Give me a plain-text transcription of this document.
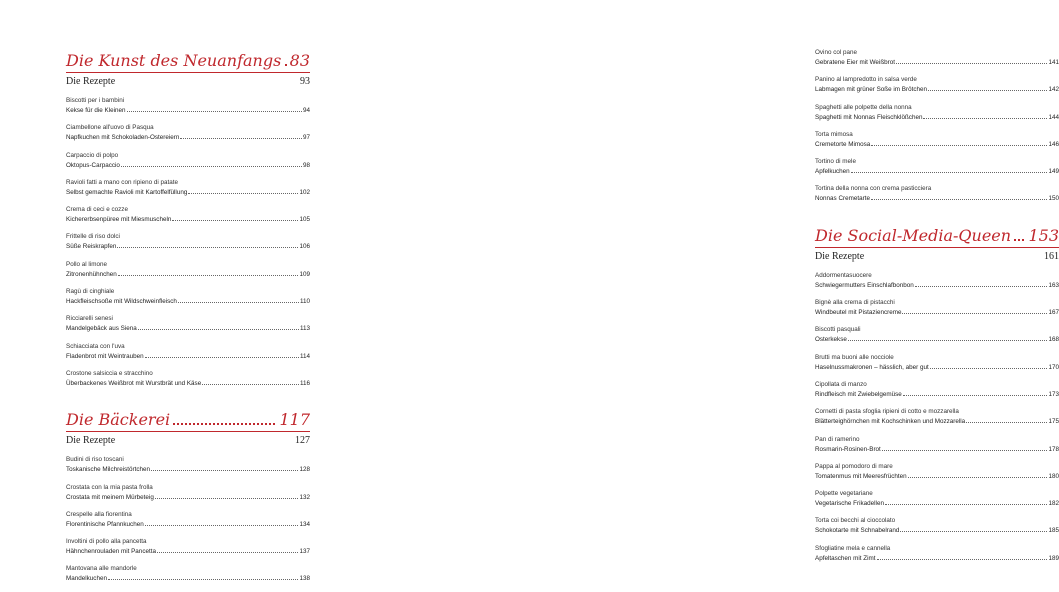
Die Kunst des Neuanfangs 83
Die Rezepte	93
Biscotti per i bambini
Kekse für die Kleinen	94
Ciambellone all'uovo di Pasqua
Napfkuchen mit Schokoladen-Ostereiern	97
Carpaccio di polpo
Oktopus-Carpaccio	98
Ravioli fatti a mano con ripieno di patate
Selbst gemachte Ravioli mit Kartoffelfüllung	102
Crema di ceci e cozze
Kichererbsenpüree mit Miesmuscheln	105
Frittelle di riso dolci
Süße Reiskrapfen	106
Pollo al limone
Zitronenhühnchen	109
Ragù di cinghiale
Hackfleischsoße mit Wildschweinfleisch	110
Ricciarelli senesi
Mandelgebäck aus Siena	113
Schiacciata con l'uva
Fladenbrot mit Weintrauben	114
Crostone salsiccia e stracchino
Überbackenes Weißbrot mit Wurstbrät und Käse	116
Die Bäckerei	117
Die Rezepte	127
Budini di riso toscani
Toskanische Milchreistörtchen	128
Crostata con la mia pasta frolla
Crostata mit meinem Mürbeteig	132
Crespelle alla fiorentina
Florentinische Pfannkuchen	134
Involtini di pollo alla pancetta
Hähnchenrouladen mit Pancetta	137
Mantovana alle mandorle
Mandelkuchen	138
Ovino col pane
Gebratene Eier mit Weißbrot	141
Panino al lampredotto in salsa verde
Labmagen mit grüner Soße im Brötchen	142
Spaghetti alle polpette della nonna
Spaghetti mit Nonnas Fleischklößchen	144
Torta mimosa
Cremetorte Mimosa	146
Tortino di mele
Apfelkuchen	149
Tortina della nonna con crema pasticciera
Nonnas Cremetarte	150
Die Social-Media-Queen 153
Die Rezepte	161
Addormentasuocere
Schwiegermutters Einschlafbonbon	163
Bignè alla crema di pistacchi
Windbeutel mit Pistaziencreme	167
Biscotti pasquali
Osterkekse	168
Brutti ma buoni alle nocciole
Haselnussmakronen – hässlich, aber gut	170
Cipollata di manzo
Rindfleisch mit Zwiebelgemüse	173
Cornetti di pasta sfoglia ripieni di cotto e mozzarella
Blätterteighörnchen mit Kochschinken und Mozzarella	175
Pan di ramerino
Rosmarin-Rosinen-Brot	178
Pappa al pomodoro di mare
Tomatenmus mit Meeresfrüchten	180
Polpette vegetariane
Vegetarische Frikadellen	182
Torta coi becchi al cioccolato
Schokotarte mit Schnabelrand	185
Sfogliatine mela e cannella
Apfeltaschen mit Zimt	189
